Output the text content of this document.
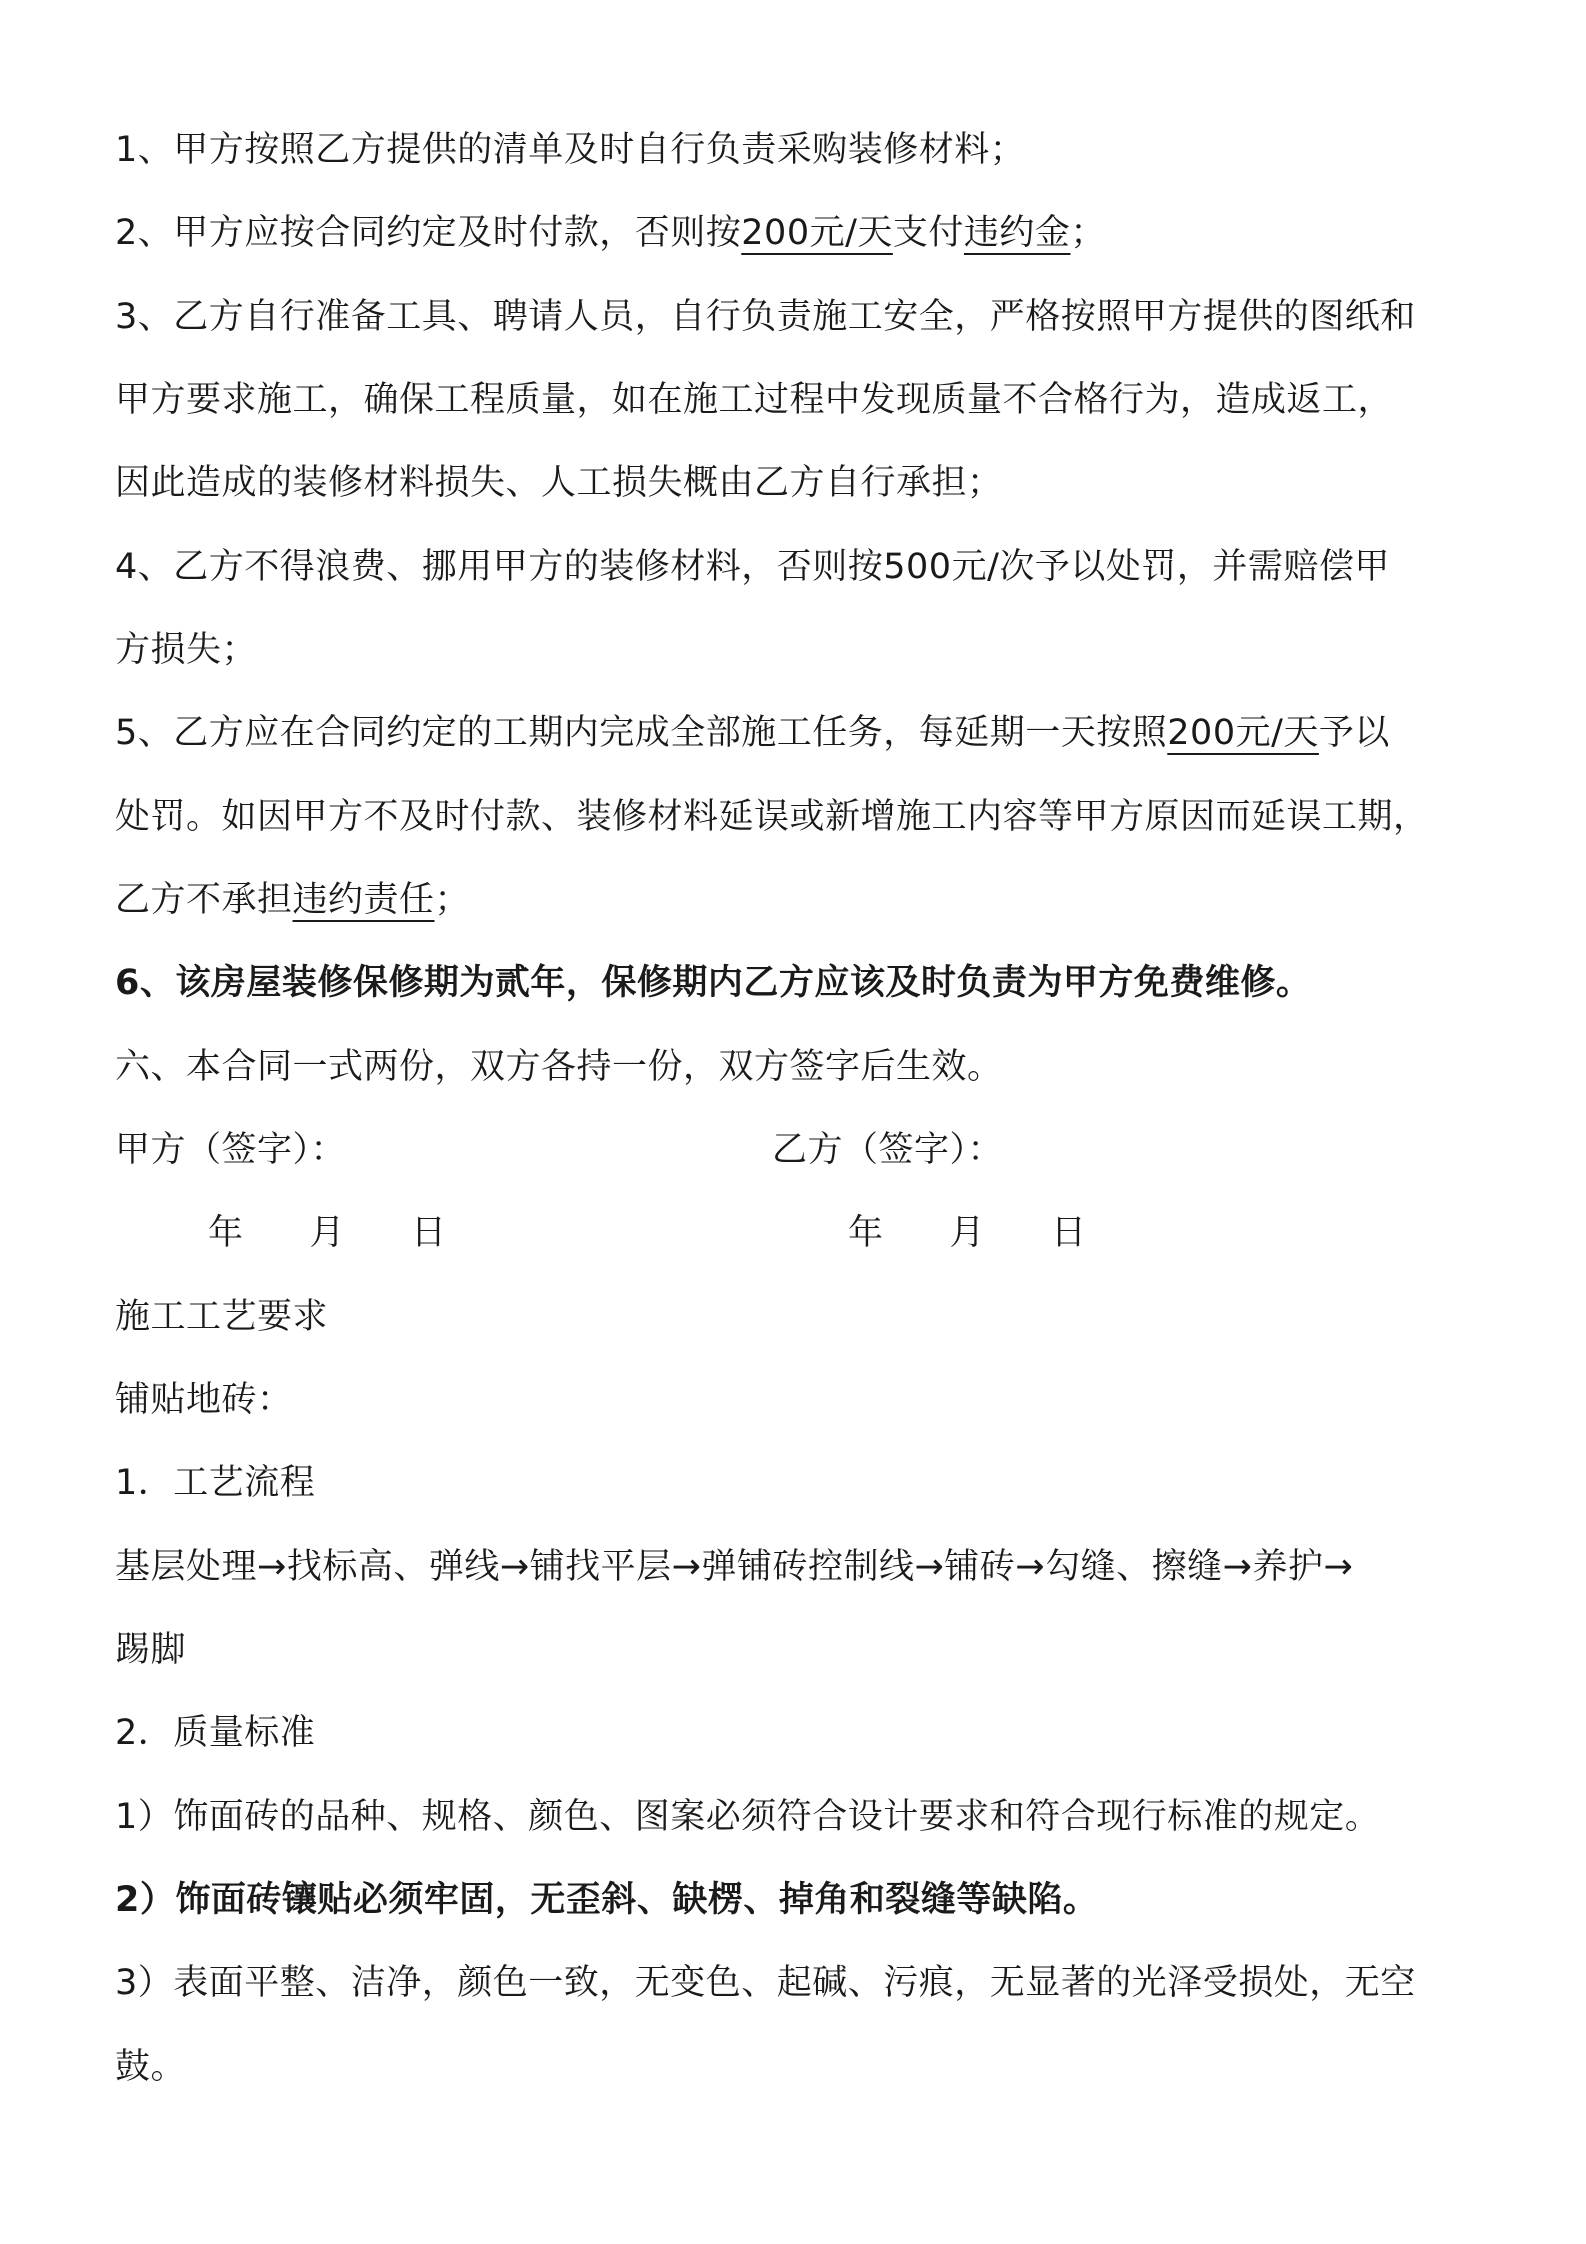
1、甲方按照乙方提供的清单及时自行负责采购装修材料；
2、甲方应按合同约定及时付款，否则按200元/天支付违约金；
3、乙方自行准备工具、聘请人员，自行负责施工安全，严格按照甲方提供的图纸和
甲方要求施工，确保工程质量，如在施工过程中发现质量不合格行为，造成返工，
因此造成的装修材料损失、人工损失概由乙方自行承担；
4、乙方不得浪费、挪用甲方的装修材料，否则按500元/次予以处罚，并需赔偿甲
方损失；
5、乙方应在合同约定的工期内完成全部施工任务，每延期一天按照200元/天予以
处罚。如因甲方不及时付款、装修材料延误或新增施工内容等甲方原因而延误工期，
乙方不承担违约责任；
6、该房屋装修保修期为贰年，保修期内乙方应该及时负责为甲方免费维修。
六、本合同一式两份，双方各持一份，双方签字后生效。
甲方（签字）：	乙方（签字）：
年 月 日	年 月 日
施工工艺要求
铺贴地砖：
1．工艺流程
基层处理→找标高、弹线→铺找平层→弹铺砖控制线→铺砖→勾缝、擦缝→养护→
踢脚
2．质量标准
1）饰面砖的品种、规格、颜色、图案必须符合设计要求和符合现行标准的规定。
2）饰面砖镶贴必须牢固，无歪斜、缺楞、掉角和裂缝等缺陷。
3）表面平整、洁净，颜色一致，无变色、起碱、污痕，无显著的光泽受损处，无空
鼓。
